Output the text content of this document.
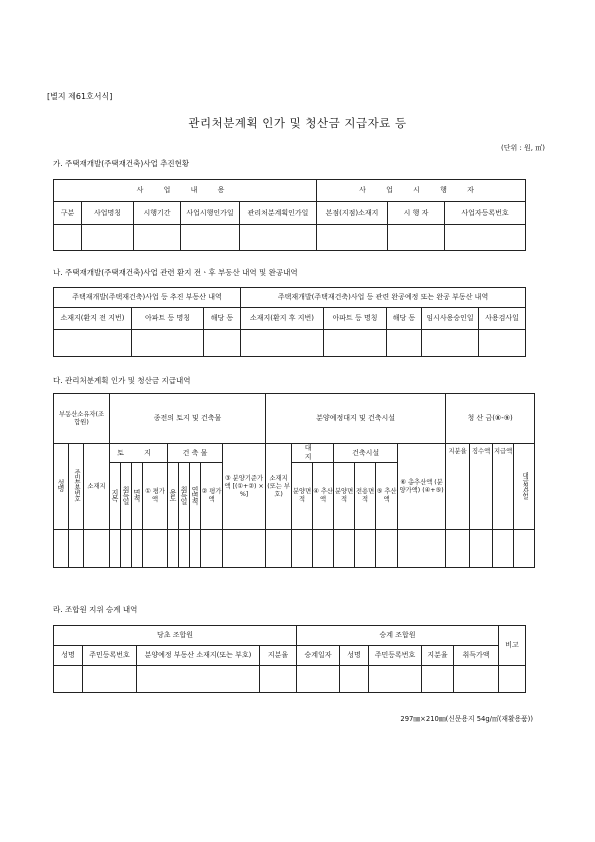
[별지 제61호서식]
관리처분계획 인가 및 청산금 지급자료 등
(단위 : 원, ㎡)
가. 주택재개발(주택재건축)사업 추진현황
사 업 내 용					사 업 시 행 자		
구분	사업명칭	시행기간	사업시행인가일	관리처분계획인가일	본점(지점)소재지	시 행 자	사업자등록번호

나. 주택재개발(주택재건축)사업 관련 환지 전ㆍ후 부동산 내역 및 완공내역
주택재개발(주택재건축)사업 등 추진 부동산 내역			주택재개발(주택재건축)사업 등 관련 완공예정 또는 완공 부동산 내역				
소재지(환지 전 지번)	아파트 등 명칭	해당 동	소재지(환지 후 지번)	아파트 등 명칭	해당 동	임시사용승인일	사용검사일

다. 관리처분계획 인가 및 청산금 지급내역
부동산소유자(조합원)			종전의 토지 및 건축물									분양예정대지 및 건축시설							청 산 금(⑧-⑨)			
성명	주민등록번호	소재지	토 지				건 축 물				③ 분양기준가액 [(①+②) × %]	소재지(또는 부호)	대 지		건축시설			⑥ 총추산액 (분양가액) (④+⑤)	지분율	징수액	지급액	대금청산일
			지목	취득일	면적	① 평가액	용도	취득일	연면적	② 평가액			분양면적	④ 추산액	분양면적	전용면적	⑤ 추산액					

라. 조합원 지위 승계 내역
당초 조합원				승계 조합원					비고
성명	주민등록번호	분양예정 부동산 소재지(또는 부호)	지분율	승계일자	성명	주민등록번호	지분율	취득가액	

297㎜×210㎜(신문용지 54g/㎡(재활용품))
